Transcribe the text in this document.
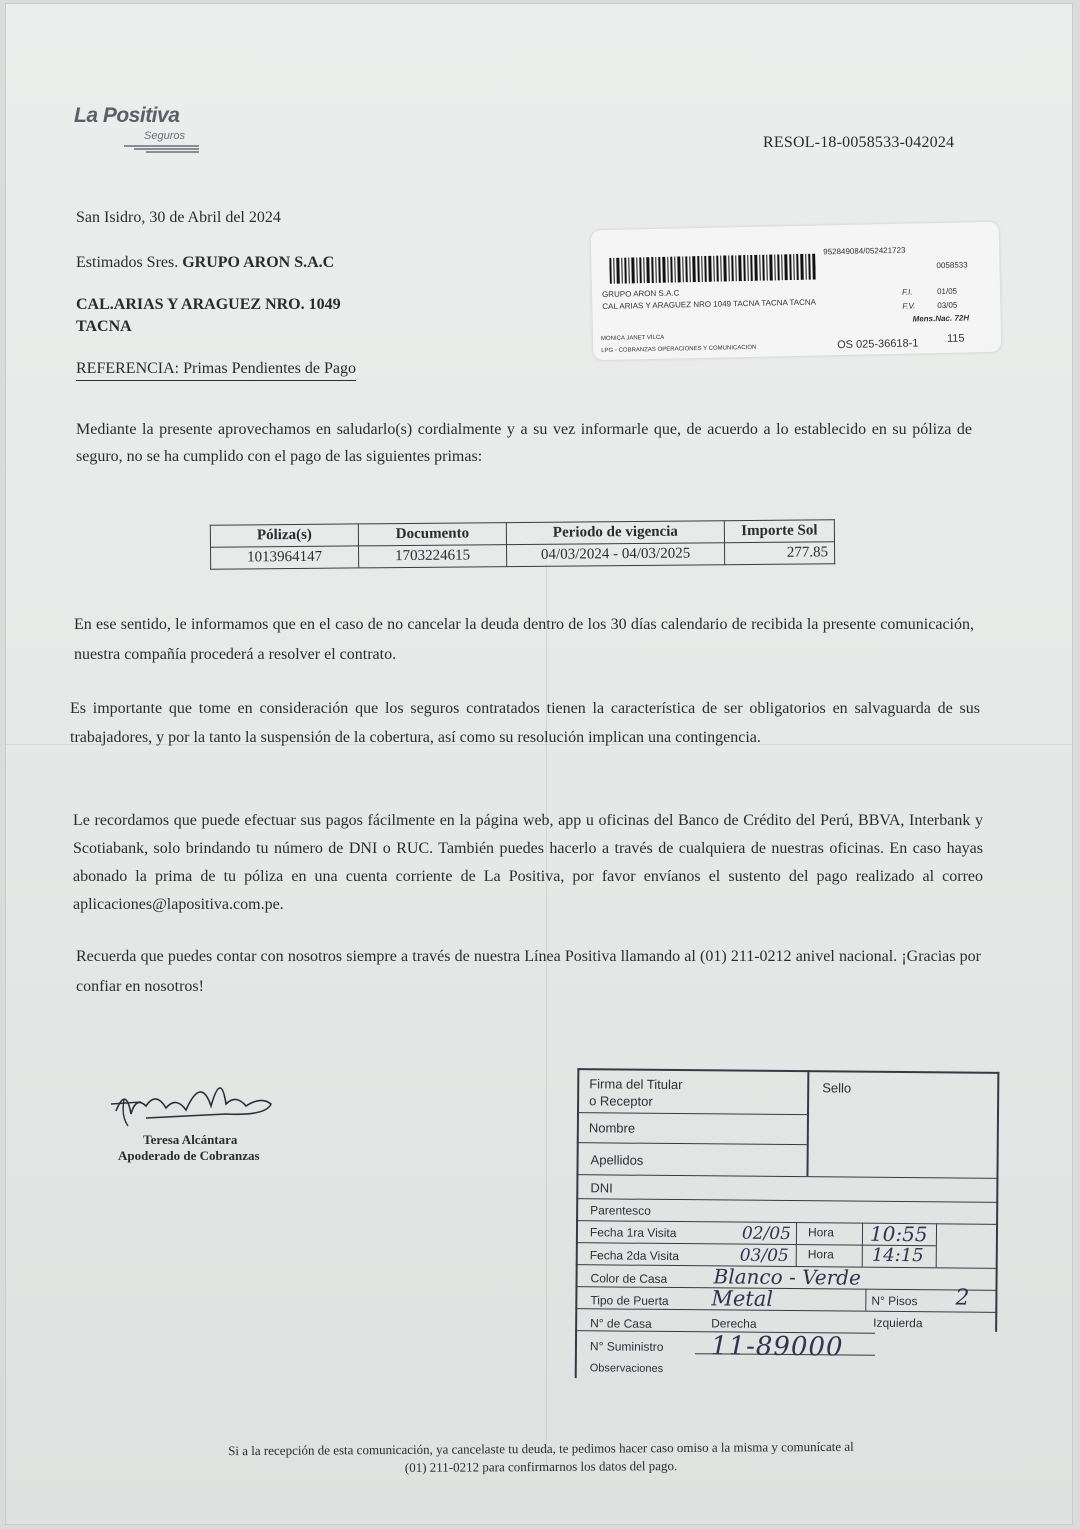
La Positiva
Seguros	RESOL-18-0058533-042024
San Isidro, 30 de Abril del 2024
Estimados Sres. GRUPO ARON S.A.C
CAL.ARIAS Y ARAGUEZ NRO. 1049
TACNA
REFERENCIA: Primas Pendientes de Pago
952849084/052421723
0058533
GRUPO ARON S.A.C
CAL ARIAS Y ARAGUEZ NRO 1049 TACNA TACNA TACNA
F.I.	01/05
F.V.	03/05
Mens.Nac. 72H
MONICA JANET VILCA
LPG - COBRANZAS OPERACIONES Y COMUNICACION	OS 025-36618-1	115
Mediante la presente aprovechamos en saludarlo(s) cordialmente y a su vez informarle que, de acuerdo a lo establecido en su póliza de seguro, no se ha cumplido con el pago de las siguientes primas:
Póliza(s)	Documento	Periodo de vigencia	Importe Sol
1013964147	1703224615	04/03/2024 - 04/03/2025	277.85
En ese sentido, le informamos que en el caso de no cancelar la deuda dentro de los 30 días calendario de recibida la presente comunicación, nuestra compañía procederá a resolver el contrato.
Es importante que tome en consideración que los seguros contratados tienen la característica de ser obligatorios en salvaguarda de sus trabajadores, y por la tanto la suspensión de la cobertura, así como su resolución implican una contingencia.
Le recordamos que puede efectuar sus pagos fácilmente en la página web, app u oficinas del Banco de Crédito del Perú, BBVA, Interbank y Scotiabank, solo brindando tu número de DNI o RUC. También puedes hacerlo a través de cualquiera de nuestras oficinas. En caso hayas abonado la prima de tu póliza en una cuenta corriente de La Positiva, por favor envíanos el sustento del pago realizado al correo aplicaciones@lapositiva.com.pe.
Recuerda que puedes contar con nosotros siempre a través de nuestra Línea Positiva llamando al (01) 211-0212 anivel nacional. ¡Gracias por confiar en nosotros!
Teresa Alcántara
Apoderado de Cobranzas
Firma del Titular
o Receptor
Sello
Nombre
Apellidos
DNI
Parentesco
Fecha 1ra Visita	02/05 Hora 10:55
Fecha 2da Visita	03/05 Hora 14:15
Color de Casa Blanco - Verde
Tipo de Puerta Metal	N° Pisos 2
N° de Casa	Derecha	Izquierda
N° Suministro 11-89000
Observaciones
Si a la recepción de esta comunicación, ya cancelaste tu deuda, te pedimos hacer caso omiso a la misma y comunícate al
(01) 211-0212 para confirmarnos los datos del pago.
